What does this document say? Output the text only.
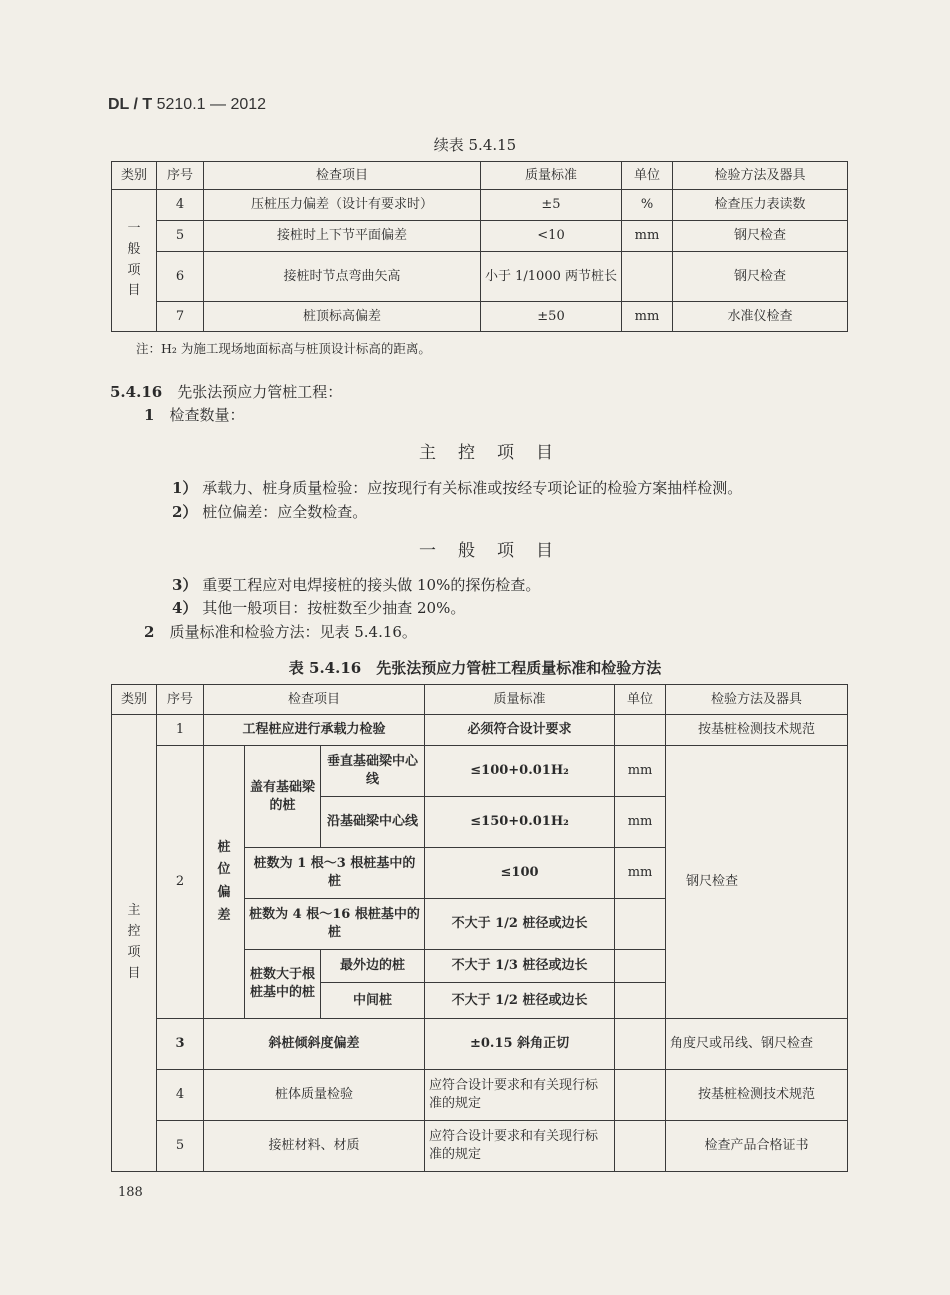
DL / T 5210.1 — 2012
续表 5.4.15
类别	序号	检查项目	质量标准	单位	检验方法及器具

一般项目	4	压桩压力偏差（设计有要求时）	±5	%	检查压力表读数
	5	接桩时上下节平面偏差	<10	mm	钢尺检查
	6	接桩时节点弯曲矢高	小于 1/1000 两节桩长		钢尺检查
	7	桩顶标高偏差	±50	mm	水准仪检查
注：H₂ 为施工现场地面标高与桩顶设计标高的距离。
5.4.16　 先张法预应力管桩工程：
1　 检查数量：
主控项目
1） 承载力、桩身质量检验：应按现行有关标准或按经专项论证的检验方案抽样检测。
2） 桩位偏差：应全数检查。
一般项目
3） 重要工程应对电焊接桩的接头做 10%的探伤检查。
4） 其他一般项目：按桩数至少抽查 20%。
2　 质量标准和检验方法：见表 5.4.16。
表 5.4.16　先张法预应力管桩工程质量标准和检验方法
类别	序号	检查项目			质量标准	单位	检验方法及器具

主控项目	1	工程桩应进行承载力检验			必须符合设计要求		按基桩检测技术规范
	2	桩位偏差	盖有基础梁的桩	垂直基础梁中心线	≤100+0.01H₂	mm	钢尺检查
				沿基础梁中心线	≤150+0.01H₂	mm	
			桩数为 1 根～3 根桩基中的桩		≤100	mm	
			桩数为 4 根～16 根桩基中的桩		不大于 1/2 桩径或边长		
			桩数大于根桩基中的桩	最外边的桩	不大于 1/3 桩径或边长		
				中间桩	不大于 1/2 桩径或边长		
	3	斜桩倾斜度偏差			±0.15 斜角正切		角度尺或吊线、钢尺检查
	4	桩体质量检验			应符合设计要求和有关现行标准的规定		按基桩检测技术规范
	5	接桩材料、材质			应符合设计要求和有关现行标准的规定		检查产品合格证书
188
